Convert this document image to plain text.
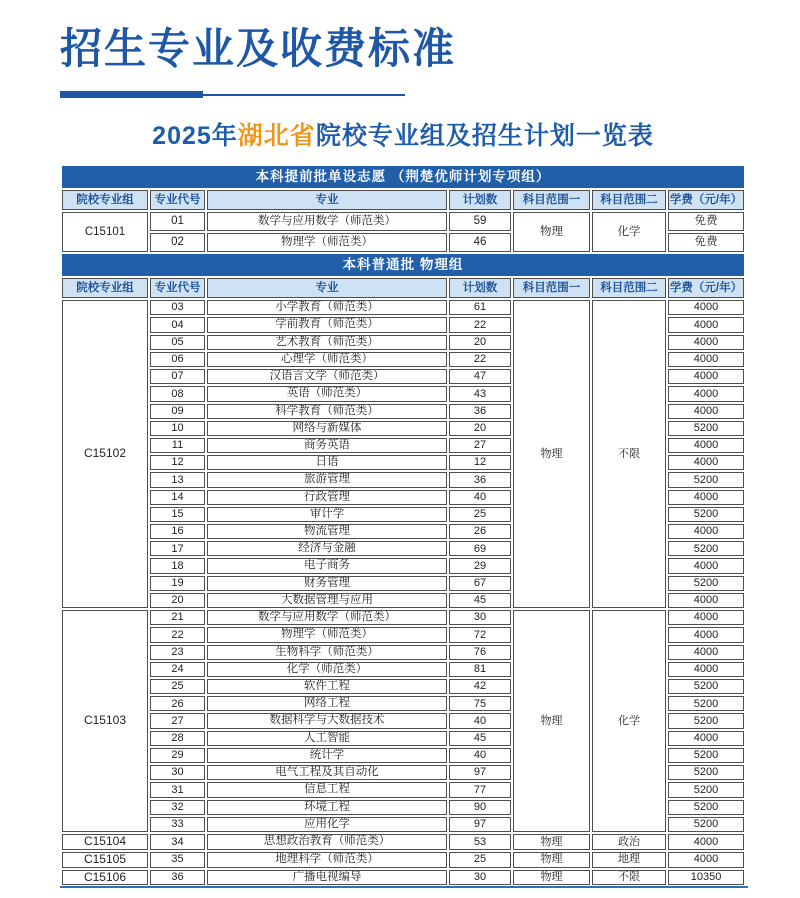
招生专业及收费标准
2025年湖北省院校专业组及招生计划一览表
本科提前批单设志愿 （荆楚优师计划专项组）						
院校专业组	专业代号	专业	计划数	科目范围一	科目范围二	学费（元/年）
C15101	01	数学与应用数学（师范类）	59	物理	化学	免费
	02	物理学（师范类）	46			免费
本科普通批 物理组						
院校专业组	专业代号	专业	计划数	科目范围一	科目范围二	学费（元/年）
C15102	03	小学教育（师范类）	61	物理	不限	4000
	04	学前教育（师范类）	22			4000
	05	艺术教育（师范类）	20			4000
	06	心理学（师范类）	22			4000
	07	汉语言文学（师范类）	47			4000
	08	英语（师范类）	43			4000
	09	科学教育（师范类）	36			4000
	10	网络与新媒体	20			5200
	11	商务英语	27			4000
	12	日语	12			4000
	13	旅游管理	36			5200
	14	行政管理	40			4000
	15	审计学	25			5200
	16	物流管理	26			4000
	17	经济与金融	69			5200
	18	电子商务	29			4000
	19	财务管理	67			5200
	20	大数据管理与应用	45			4000
C15103	21	数学与应用数学（师范类）	30	物理	化学	4000
	22	物理学（师范类）	72			4000
	23	生物科学（师范类）	76			4000
	24	化学（师范类）	81			4000
	25	软件工程	42			5200
	26	网络工程	75			5200
	27	数据科学与大数据技术	40			5200
	28	人工智能	45			4000
	29	统计学	40			5200
	30	电气工程及其自动化	97			5200
	31	信息工程	77			5200
	32	环境工程	90			5200
	33	应用化学	97			5200
C15104	34	思想政治教育（师范类）	53	物理	政治	4000
C15105	35	地理科学（师范类）	25	物理	地理	4000
C15106	36	广播电视编导	30	物理	不限	10350
